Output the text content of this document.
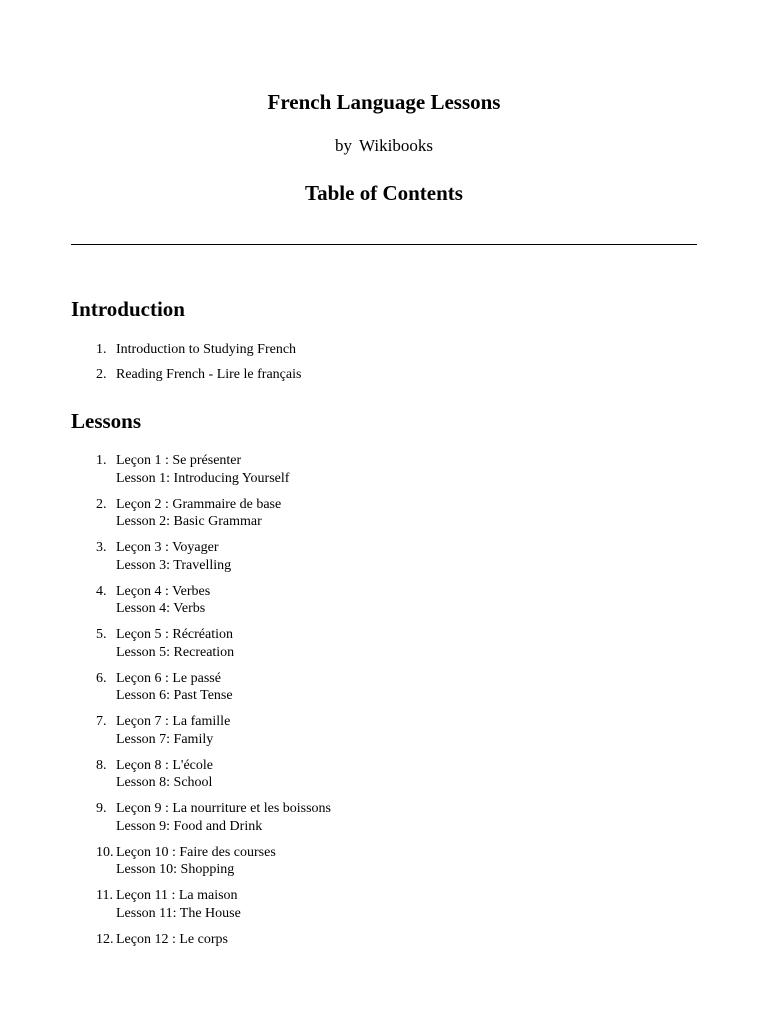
French Language Lessons

by Wikibooks

Table of Contents
Introduction
1. Introduction to Studying French
2. Reading French - Lire le français
Lessons
1. Leçon 1 : Se présenter
Lesson 1: Introducing Yourself
2. Leçon 2 : Grammaire de base
Lesson 2: Basic Grammar
3. Leçon 3 : Voyager
Lesson 3: Travelling
4. Leçon 4 : Verbes
Lesson 4: Verbs
5. Leçon 5 : Récréation
Lesson 5: Recreation
6. Leçon 6 : Le passé
Lesson 6: Past Tense
7. Leçon 7 : La famille
Lesson 7: Family
8. Leçon 8 : L'école
Lesson 8: School
9. Leçon 9 : La nourriture et les boissons
Lesson 9: Food and Drink
10. Leçon 10 : Faire des courses
Lesson 10: Shopping
11. Leçon 11 : La maison
Lesson 11: The House
12. Leçon 12 : Le corps
